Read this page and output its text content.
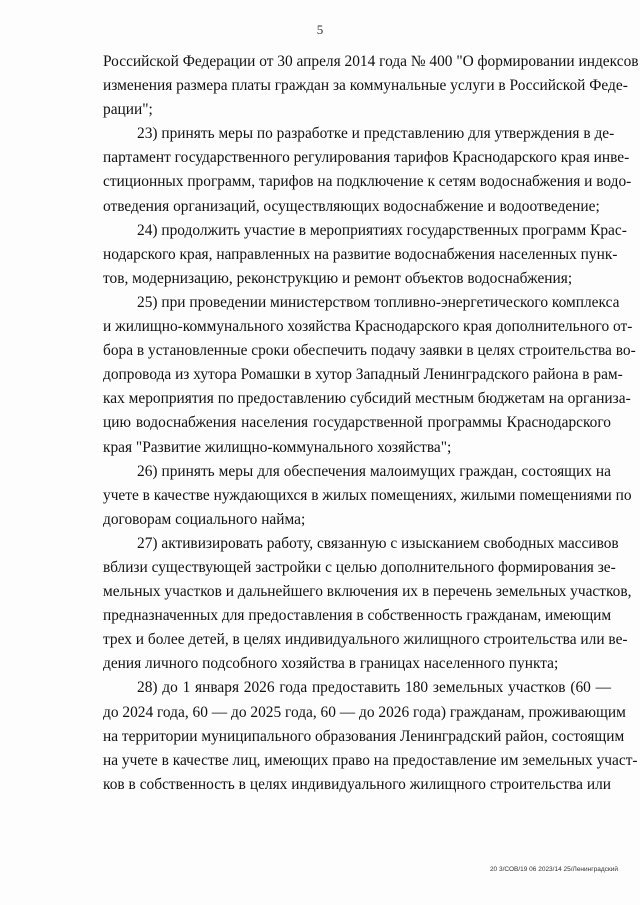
5
Российской Федерации от 30 апреля 2014 года № 400 "О формировании индексов
изменения размера платы граждан за коммунальные услуги в Российской Феде-
рации";
23) принять меры по разработке и представлению для утверждения в де-
партамент государственного регулирования тарифов Краснодарского края инве-
стиционных программ, тарифов на подключение к сетям водоснабжения и водо-
отведения организаций, осуществляющих водоснабжение и водоотведение;
24) продолжить участие в мероприятиях государственных программ Крас-
нодарского края, направленных на развитие водоснабжения населенных пунк-
тов, модернизацию, реконструкцию и ремонт объектов водоснабжения;
25) при проведении министерством топливно-энергетического комплекса
и жилищно-коммунального хозяйства Краснодарского края дополнительного от-
бора в установленные сроки обеспечить подачу заявки в целях строительства во-
допровода из хутора Ромашки в хутор Западный Ленинградского района в рам-
ках мероприятия по предоставлению субсидий местным бюджетам на организа-
цию водоснабжения населения государственной программы Краснодарского
края "Развитие жилищно-коммунального хозяйства";
26) принять меры для обеспечения малоимущих граждан, состоящих на
учете в качестве нуждающихся в жилых помещениях, жилыми помещениями по
договорам социального найма;
27) активизировать работу, связанную с изысканием свободных массивов
вблизи существующей застройки с целью дополнительного формирования зе-
мельных участков и дальнейшего включения их в перечень земельных участков,
предназначенных для предоставления в собственность гражданам, имеющим
трех и более детей, в целях индивидуального жилищного строительства или ве-
дения личного подсобного хозяйства в границах населенного пункта;
28) до 1 января 2026 года предоставить 180 земельных участков (60 —
до 2024 года, 60 — до 2025 года, 60 — до 2026 года) гражданам, проживающим
на территории муниципального образования Ленинградский район, состоящим
на учете в качестве лиц, имеющих право на предоставление им земельных участ-
ков в собственность в целях индивидуального жилищного строительства или
20 3/СОВ/19 06 2023/14 25/Ленинградский
